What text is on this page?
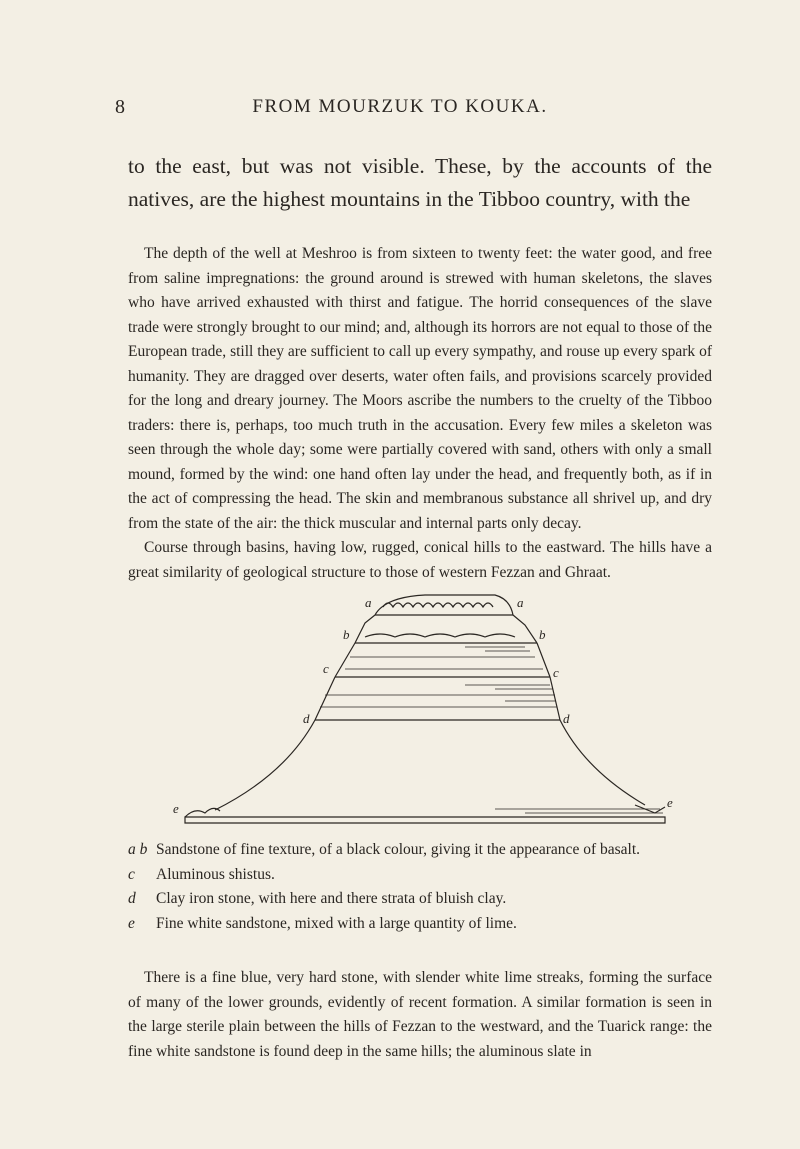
8	FROM MOURZUK TO KOUKA.

to the east, but was not visible. These, by the accounts of the natives, are the highest mountains in the Tibboo country, with the

The depth of the well at Meshroo is from sixteen to twenty feet: the water good, and free from saline impregnations: the ground around is strewed with human skeletons, the slaves who have arrived exhausted with thirst and fatigue. The horrid consequences of the slave trade were strongly brought to our mind; and, although its horrors are not equal to those of the European trade, still they are sufficient to call up every sympathy, and rouse up every spark of humanity. They are dragged over deserts, water often fails, and provisions scarcely provided for the long and dreary journey. The Moors ascribe the numbers to the cruelty of the Tibboo traders: there is, perhaps, too much truth in the accusation. Every few miles a skeleton was seen through the whole day; some were partially covered with sand, others with only a small mound, formed by the wind: one hand often lay under the head, and frequently both, as if in the act of compressing the head. The skin and membranous substance all shrivel up, and dry from the state of the air: the thick muscular and internal parts only decay.

Course through basins, having low, rugged, conical hills to the eastward. The hills have a great similarity of geological structure to those of western Fezzan and Ghraat.

a	a
b	b
c	c
d	d
e	e
a b Sandstone of fine texture, of a black colour, giving it the appearance of basalt.
c	Aluminous shistus.
d	Clay iron stone, with here and there strata of bluish clay.
e	Fine white sandstone, mixed with a large quantity of lime.

There is a fine blue, very hard stone, with slender white lime streaks, forming the surface of many of the lower grounds, evidently of recent formation. A similar formation is seen in the large sterile plain between the hills of Fezzan to the westward, and the Tuarick range: the fine white sandstone is found deep in the same hills; the aluminous slate in
